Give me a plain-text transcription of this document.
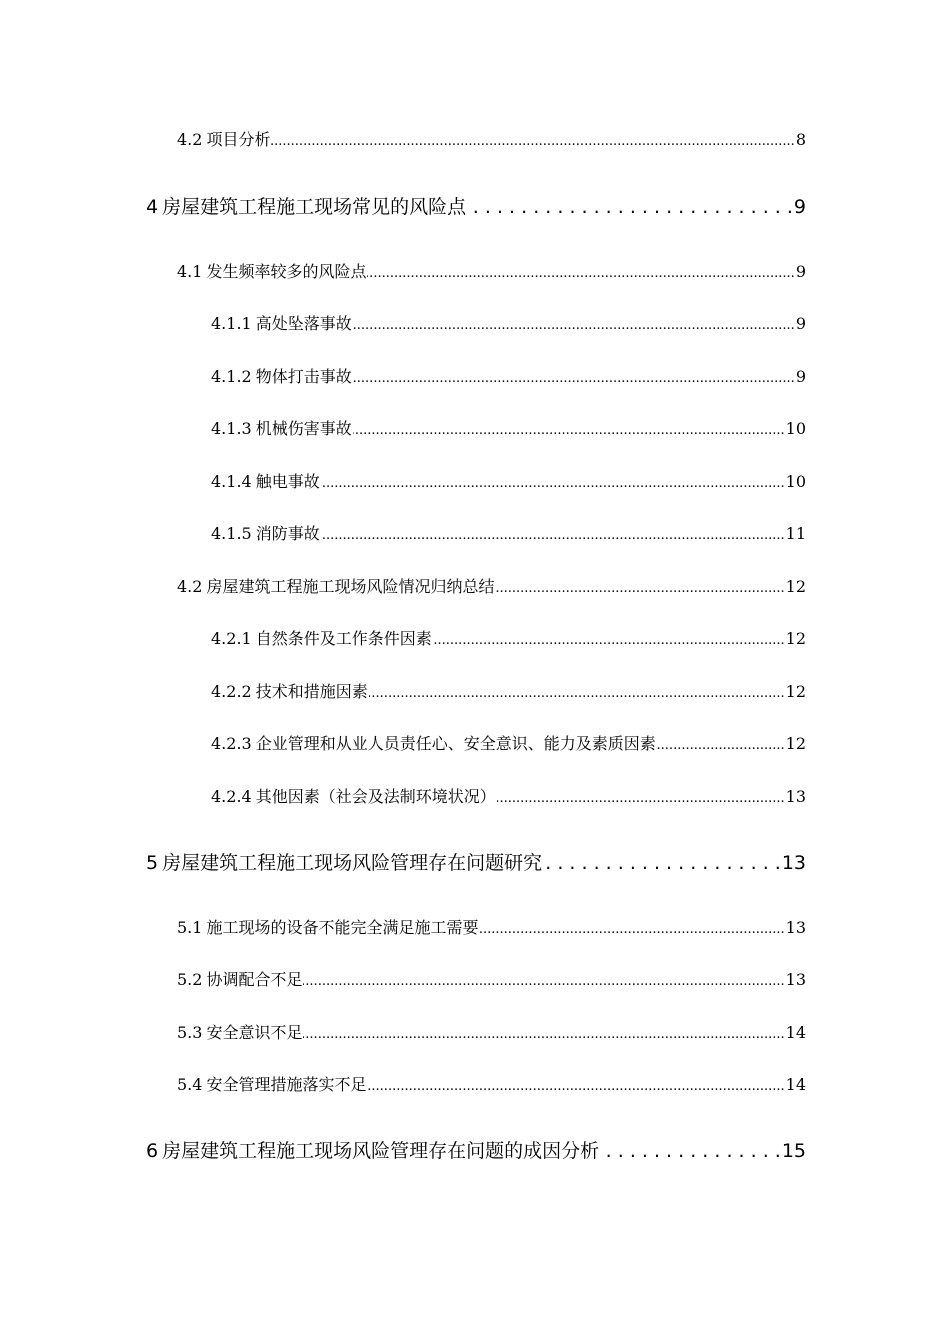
4.2 项目分析 .....	8
4 房屋建筑工程施工现场常见的风险点 . . .	9
4.1 发生频率较多的风险点 .....	9
4.1.1 高处坠落事故 .....	9
4.1.2 物体打击事故 .....	9
4.1.3 机械伤害事故 .....	10
4.1.4 触电事故 .....	10
4.1.5 消防事故 .....	11
4.2 房屋建筑工程施工现场风险情况归纳总结 .....	12
4.2.1 自然条件及工作条件因素 .....	12
4.2.2 技术和措施因素 .....	12
4.2.3 企业管理和从业人员责任心、安全意识、能力及素质因素 .....	12
4.2.4 其他因素（社会及法制环境状况） .....	13
5 房屋建筑工程施工现场风险管理存在问题研究 . . .	13
5.1 施工现场的设备不能完全满足施工需要 .....	13
5.2 协调配合不足 .....	13
5.3 安全意识不足 .....	14
5.4 安全管理措施落实不足 .....	14
6 房屋建筑工程施工现场风险管理存在问题的成因分析 . . .	15
